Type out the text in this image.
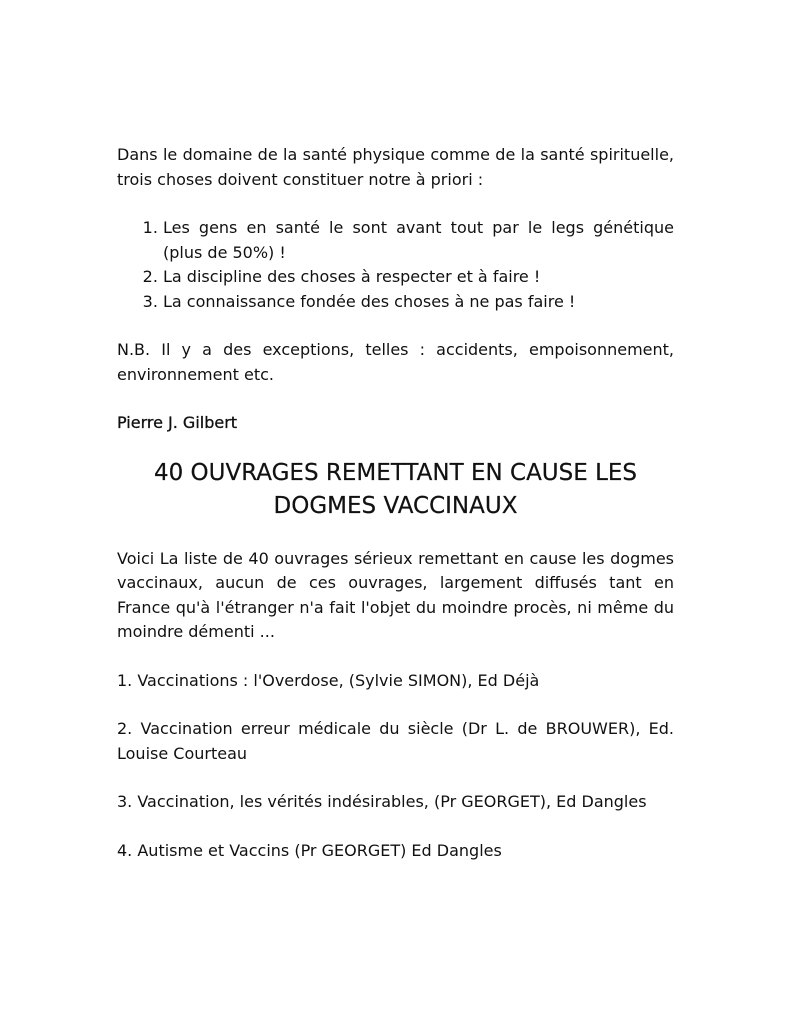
Dans le domaine de la santé physique comme de la santé spirituelle, trois choses doivent constituer notre à priori :

1. Les gens en santé le sont avant tout par le legs génétique (plus de 50%) !
2. La discipline des choses à respecter et à faire !
3. La connaissance fondée des choses à ne pas faire !

N.B. Il y a des exceptions, telles : accidents, empoisonnement, environnement etc.

Pierre J. Gilbert

40 OUVRAGES REMETTANT EN CAUSE LES
DOGMES VACCINAUX

Voici La liste de 40 ouvrages sérieux remettant en cause les dogmes vaccinaux, aucun de ces ouvrages, largement diffusés tant en France qu'à l'étranger n'a fait l'objet du moindre procès, ni même du moindre démenti ...

1. Vaccinations : l'Overdose, (Sylvie SIMON), Ed Déjà

2. Vaccination erreur médicale du siècle (Dr L. de BROUWER), Ed. Louise Courteau

3. Vaccination, les vérités indésirables, (Pr GEORGET), Ed Dangles

4. Autisme et Vaccins (Pr GEORGET) Ed Dangles
